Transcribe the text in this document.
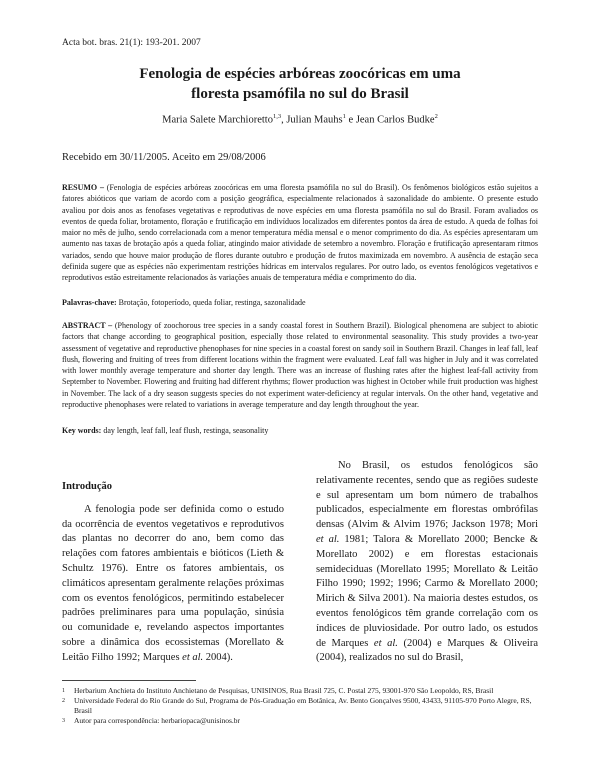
Acta bot. bras. 21(1): 193-201. 2007
Fenologia de espécies arbóreas zoocóricas em uma
floresta psamófila no sul do Brasil
Maria Salete Marchioretto$^{1,3}$, Julian Mauhs$^1$ e Jean Carlos Budke$^2$
Recebido em 30/11/2005. Aceito em 29/08/2006
RESUMO – (Fenologia de espécies arbóreas zoocóricas em uma floresta psamófila no sul do Brasil). Os fenômenos biológicos estão sujeitos a fatores abióticos que variam de acordo com a posição geográfica, especialmente relacionados à sazonalidade do ambiente. O presente estudo avaliou por dois anos as fenofases vegetativas e reprodutivas de nove espécies em uma floresta psamófila no sul do Brasil. Foram avaliados os eventos de queda foliar, brotamento, floração e frutificação em indivíduos localizados em diferentes pontos da área de estudo. A queda de folhas foi maior no mês de julho, sendo correlacionada com a menor temperatura média mensal e o menor comprimento do dia. As espécies apresentaram um aumento nas taxas de brotação após a queda foliar, atingindo maior atividade de setembro a novembro. Floração e frutificação apresentaram ritmos variados, sendo que houve maior produção de flores durante outubro e produção de frutos maximizada em novembro. A ausência de estação seca definida sugere que as espécies não experimentam restrições hídricas em intervalos regulares. Por outro lado, os eventos fenológicos vegetativos e reprodutivos estão estreitamente relacionados às variações anuais de temperatura média e comprimento do dia.
Palavras-chave: Brotação, fotoperíodo, queda foliar, restinga, sazonalidade
ABSTRACT – (Phenology of zoochorous tree species in a sandy coastal forest in Southern Brazil). Biological phenomena are subject to abiotic factors that change according to geographical position, especially those related to environmental seasonality. This study provides a two-year assessment of vegetative and reproductive phenophases for nine species in a coastal forest on sandy soil in Southern Brazil. Changes in leaf fall, leaf flush, flowering and fruiting of trees from different locations within the fragment were evaluated. Leaf fall was higher in July and it was correlated with lower monthly average temperature and shorter day length. There was an increase of flushing rates after the highest leaf-fall activity from September to November. Flowering and fruiting had different rhythms; flower production was highest in October while fruit production was highest in November. The lack of a dry season suggests species do not experiment water-deficiency at regular intervals. On the other hand, vegetative and reproductive phenophases were related to variations in average temperature and day length throughout the year.
Key words: day length, leaf fall, leaf flush, restinga, seasonality
Introdução

A fenologia pode ser definida como o estudo da ocorrência de eventos vegetativos e reprodutivos das plantas no decorrer do ano, bem como das relações com fatores ambientais e bióticos (Lieth & Schultz 1976). Entre os fatores ambientais, os climáticos apresentam geralmente relações próximas com os eventos fenológicos, permitindo estabelecer padrões preliminares para uma população, sinúsia ou comunidade e, revelando aspectos importantes sobre a dinâmica dos ecossistemas (Morellato & Leitão Filho 1992; Marques et al. 2004).

No Brasil, os estudos fenológicos são relativamente recentes, sendo que as regiões sudeste e sul apresentam um bom número de trabalhos publicados, especialmente em florestas ombrófilas densas (Alvim & Alvim 1976; Jackson 1978; Mori et al. 1981; Talora & Morellato 2000; Bencke & Morellato 2002) e em florestas estacionais semideciduas (Morellato 1995; Morellato & Leitão Filho 1990; 1992; 1996; Carmo & Morellato 2000; Mirich & Silva 2001). Na maioria destes estudos, os eventos fenológicos têm grande correlação com os índices de pluviosidade. Por outro lado, os estudos de Marques et al. (2004) e Marques & Oliveira (2004), realizados no sul do Brasil,

1	Herbarium Anchieta do Instituto Anchietano de Pesquisas, UNISINOS, Rua Brasil 725, C. Postal 275, 93001-970 São Leopoldo, RS, Brasil
2	Universidade Federal do Rio Grande do Sul, Programa de Pós-Graduação em Botânica, Av. Bento Gonçalves 9500, 43433, 91105-970 Porto Alegre, RS, Brasil
3	Autor para correspondência: herbariopaca@unisinos.br
